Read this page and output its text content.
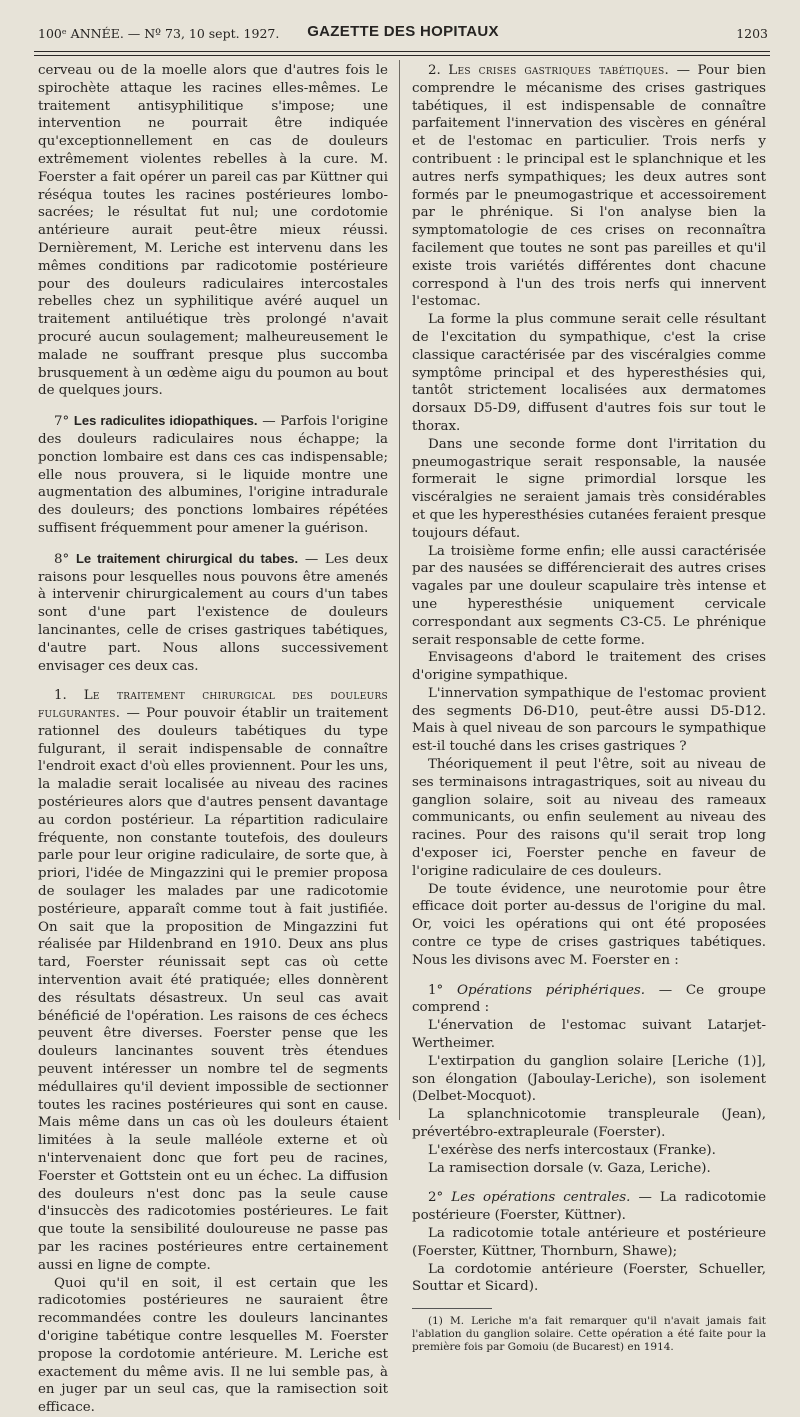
100ᵉ ANNÉE. — Nº 73, 10 sept. 1927.	GAZETTE DES HOPITAUX	1203

cerveau ou de la moelle alors que d'autres fois le spirochète attaque les racines elles-mêmes. Le traitement antisyphilitique s'impose; une intervention ne pourrait être indiquée qu'exceptionnellement en cas de douleurs extrêmement violentes rebelles à la cure. M. Foerster a fait opérer un pareil cas par Küttner qui réséqua toutes les racines postérieures lombo-sacrées; le résultat fut nul; une cordotomie antérieure aurait peut-être mieux réussi. Dernièrement, M. Leriche est intervenu dans les mêmes conditions par radicotomie postérieure pour des douleurs radiculaires intercostales rebelles chez un syphilitique avéré auquel un traitement antiluétique très prolongé n'avait procuré aucun soulagement; malheureusement le malade ne souffrant presque plus succomba brusquement à un œdème aigu du poumon au bout de quelques jours.

7° Les radiculites idiopathiques. — Parfois l'origine des douleurs radiculaires nous échappe; la ponction lombaire est dans ces cas indispensable; elle nous prouvera, si le liquide montre une augmentation des albumines, l'origine intradurale des douleurs; des ponctions lombaires répétées suffisent fréquemment pour amener la guérison.

8° Le traitement chirurgical du tabes. — Les deux raisons pour lesquelles nous pouvons être amenés à intervenir chirurgicalement au cours d'un tabes sont d'une part l'existence de douleurs lancinantes, celle de crises gastriques tabétiques, d'autre part. Nous allons successivement envisager ces deux cas.

1. Le traitement chirurgical des douleurs fulgurantes. — Pour pouvoir établir un traitement rationnel des douleurs tabétiques du type fulgurant, il serait indispensable de connaître l'endroit exact d'où elles proviennent. Pour les uns, la maladie serait localisée au niveau des racines postérieures alors que d'autres pensent davantage au cordon postérieur. La répartition radiculaire fréquente, non constante toutefois, des douleurs parle pour leur origine radiculaire, de sorte que, à priori, l'idée de Mingazzini qui le premier proposa de soulager les malades par une radicotomie postérieure, apparaît comme tout à fait justifiée. On sait que la proposition de Mingazzini fut réalisée par Hildenbrand en 1910. Deux ans plus tard, Foerster réunissait sept cas où cette intervention avait été pratiquée; elles donnèrent des résultats désastreux. Un seul cas avait bénéficié de l'opération. Les raisons de ces échecs peuvent être diverses. Foerster pense que les douleurs lancinantes souvent très étendues peuvent intéresser un nombre tel de segments médullaires qu'il devient impossible de sectionner toutes les racines postérieures qui sont en cause. Mais même dans un cas où les douleurs étaient limitées à la seule malléole externe et où n'intervenaient donc que fort peu de racines, Foerster et Gottstein ont eu un échec. La diffusion des douleurs n'est donc pas la seule cause d'insuccès des radicotomies postérieures. Le fait que toute la sensibilité douloureuse ne passe pas par les racines postérieures entre certainement aussi en ligne de compte.

Quoi qu'il en soit, il est certain que les radicotomies postérieures ne sauraient être recommandées contre les douleurs lancinantes d'origine tabétique contre lesquelles M. Foerster propose la cordotomie antérieure. M. Leriche est exactement du même avis. Il ne lui semble pas, à en juger par un seul cas, que la ramisection soit efficace.

2. Les crises gastriques tabétiques. — Pour bien comprendre le mécanisme des crises gastriques tabétiques, il est indispensable de connaître parfaitement l'innervation des viscères en général et de l'estomac en particulier. Trois nerfs y contribuent : le principal est le splanchnique et les autres nerfs sympathiques; les deux autres sont formés par le pneumogastrique et accessoirement par le phrénique. Si l'on analyse bien la symptomatologie de ces crises on reconnaîtra facilement que toutes ne sont pas pareilles et qu'il existe trois variétés différentes dont chacune correspond à l'un des trois nerfs qui innervent l'estomac.

La forme la plus commune serait celle résultant de l'excitation du sympathique, c'est la crise classique caractérisée par des viscéralgies comme symptôme principal et des hyperesthésies qui, tantôt strictement localisées aux dermatomes dorsaux D5-D9, diffusent d'autres fois sur tout le thorax.

Dans une seconde forme dont l'irritation du pneumogastrique serait responsable, la nausée formerait le signe primordial lorsque les viscéralgies ne seraient jamais très considérables et que les hyperesthésies cutanées feraient presque toujours défaut.

La troisième forme enfin; elle aussi caractérisée par des nausées se différencierait des autres crises vagales par une douleur scapulaire très intense et une hyperesthésie uniquement cervicale correspondant aux segments C3-C5. Le phrénique serait responsable de cette forme.

Envisageons d'abord le traitement des crises d'origine sympathique.

L'innervation sympathique de l'estomac provient des segments D6-D10, peut-être aussi D5-D12. Mais à quel niveau de son parcours le sympathique est-il touché dans les crises gastriques ?

Théoriquement il peut l'être, soit au niveau de ses terminaisons intragastriques, soit au niveau du ganglion solaire, soit au niveau des rameaux communicants, ou enfin seulement au niveau des racines. Pour des raisons qu'il serait trop long d'exposer ici, Foerster penche en faveur de l'origine radiculaire de ces douleurs.

De toute évidence, une neurotomie pour être efficace doit porter au-dessus de l'origine du mal. Or, voici les opérations qui ont été proposées contre ce type de crises gastriques tabétiques. Nous les divisons avec M. Foerster en :

1° Opérations périphériques. — Ce groupe comprend :

L'énervation de l'estomac suivant Latarjet-Wertheimer.

L'extirpation du ganglion solaire [Leriche (1)], son élongation (Jaboulay-Leriche), son isolement (Delbet-Mocquot).

La splanchnicotomie transpleurale (Jean), prévertébro-extrapleurale (Foerster).

L'exérèse des nerfs intercostaux (Franke).

La ramisection dorsale (v. Gaza, Leriche).

2° Les opérations centrales. — La radicotomie postérieure (Foerster, Küttner).

La radicotomie totale antérieure et postérieure (Foerster, Küttner, Thornburn, Shawe);

La cordotomie antérieure (Foerster, Schueller, Souttar et Sicard).

(1) M. Leriche m'a fait remarquer qu'il n'avait jamais fait l'ablation du ganglion solaire. Cette opération a été faite pour la première fois par Gomoiu (de Bucarest) en 1914.
